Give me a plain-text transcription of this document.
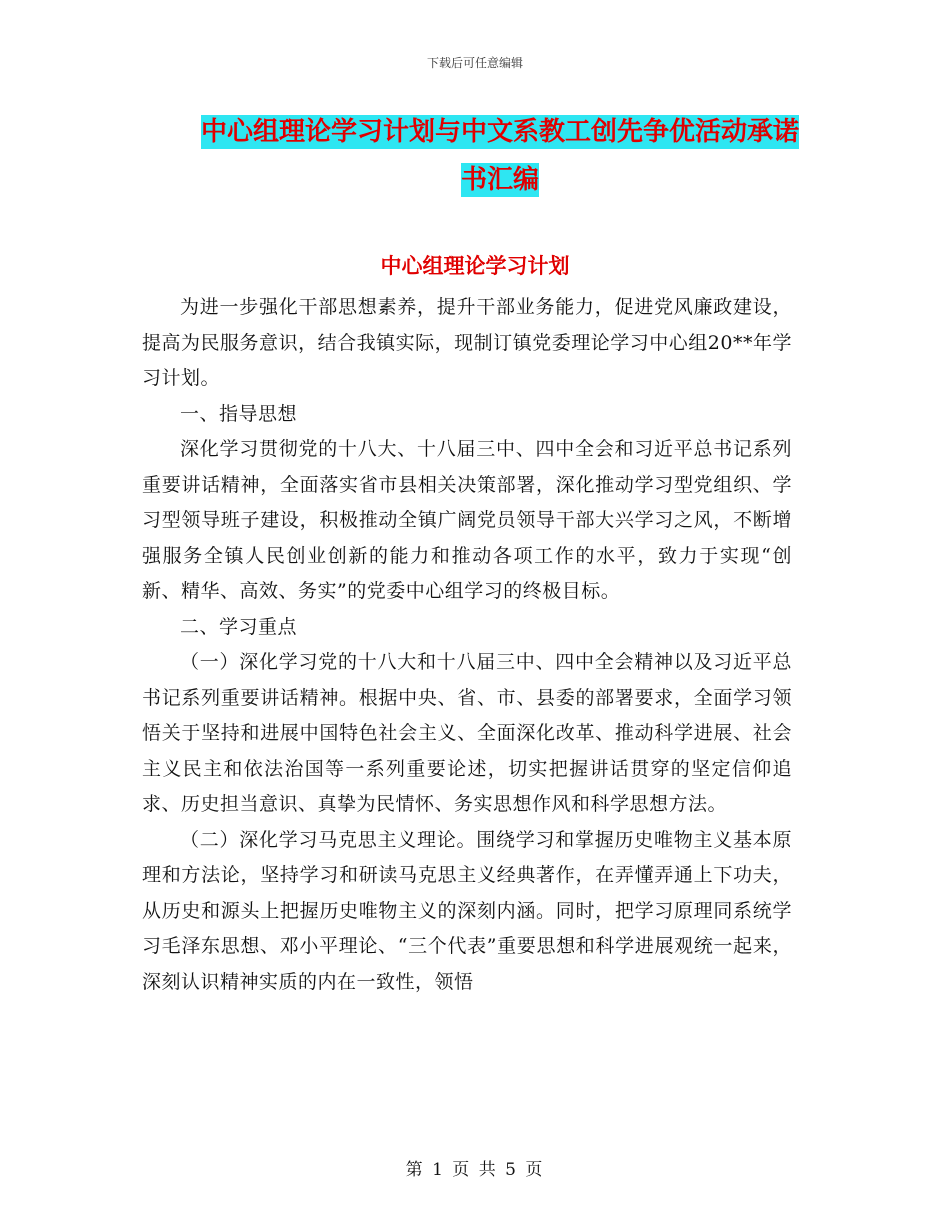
下载后可任意编辑
中心组理论学习计划与中文系教工创先争优活动承诺
书汇编
中心组理论学习计划

为进一步强化干部思想素养，提升干部业务能力，促进党风廉政建设，提高为民服务意识，结合我镇实际，现制订镇党委理论学习中心组20**年学习计划。

一、指导思想

深化学习贯彻党的十八大、十八届三中、四中全会和习近平总书记系列重要讲话精神，全面落实省市县相关决策部署，深化推动学习型党组织、学习型领导班子建设，积极推动全镇广阔党员领导干部大兴学习之风，不断增强服务全镇人民创业创新的能力和推动各项工作的水平，致力于实现“创新、精华、高效、务实”的党委中心组学习的终极目标。

二、学习重点

（一）深化学习党的十八大和十八届三中、四中全会精神以及习近平总书记系列重要讲话精神。根据中央、省、市、县委的部署要求，全面学习领悟关于坚持和进展中国特色社会主义、全面深化改革、推动科学进展、社会主义民主和依法治国等一系列重要论述，切实把握讲话贯穿的坚定信仰追求、历史担当意识、真挚为民情怀、务实思想作风和科学思想方法。

（二）深化学习马克思主义理论。围绕学习和掌握历史唯物主义基本原理和方法论，坚持学习和研读马克思主义经典著作，在弄懂弄通上下功夫，从历史和源头上把握历史唯物主义的深刻内涵。同时，把学习原理同系统学习毛泽东思想、邓小平理论、“三个代表”重要思想和科学进展观统一起来，深刻认识精神实质的内在一致性，领悟

第 1 页 共 5 页
